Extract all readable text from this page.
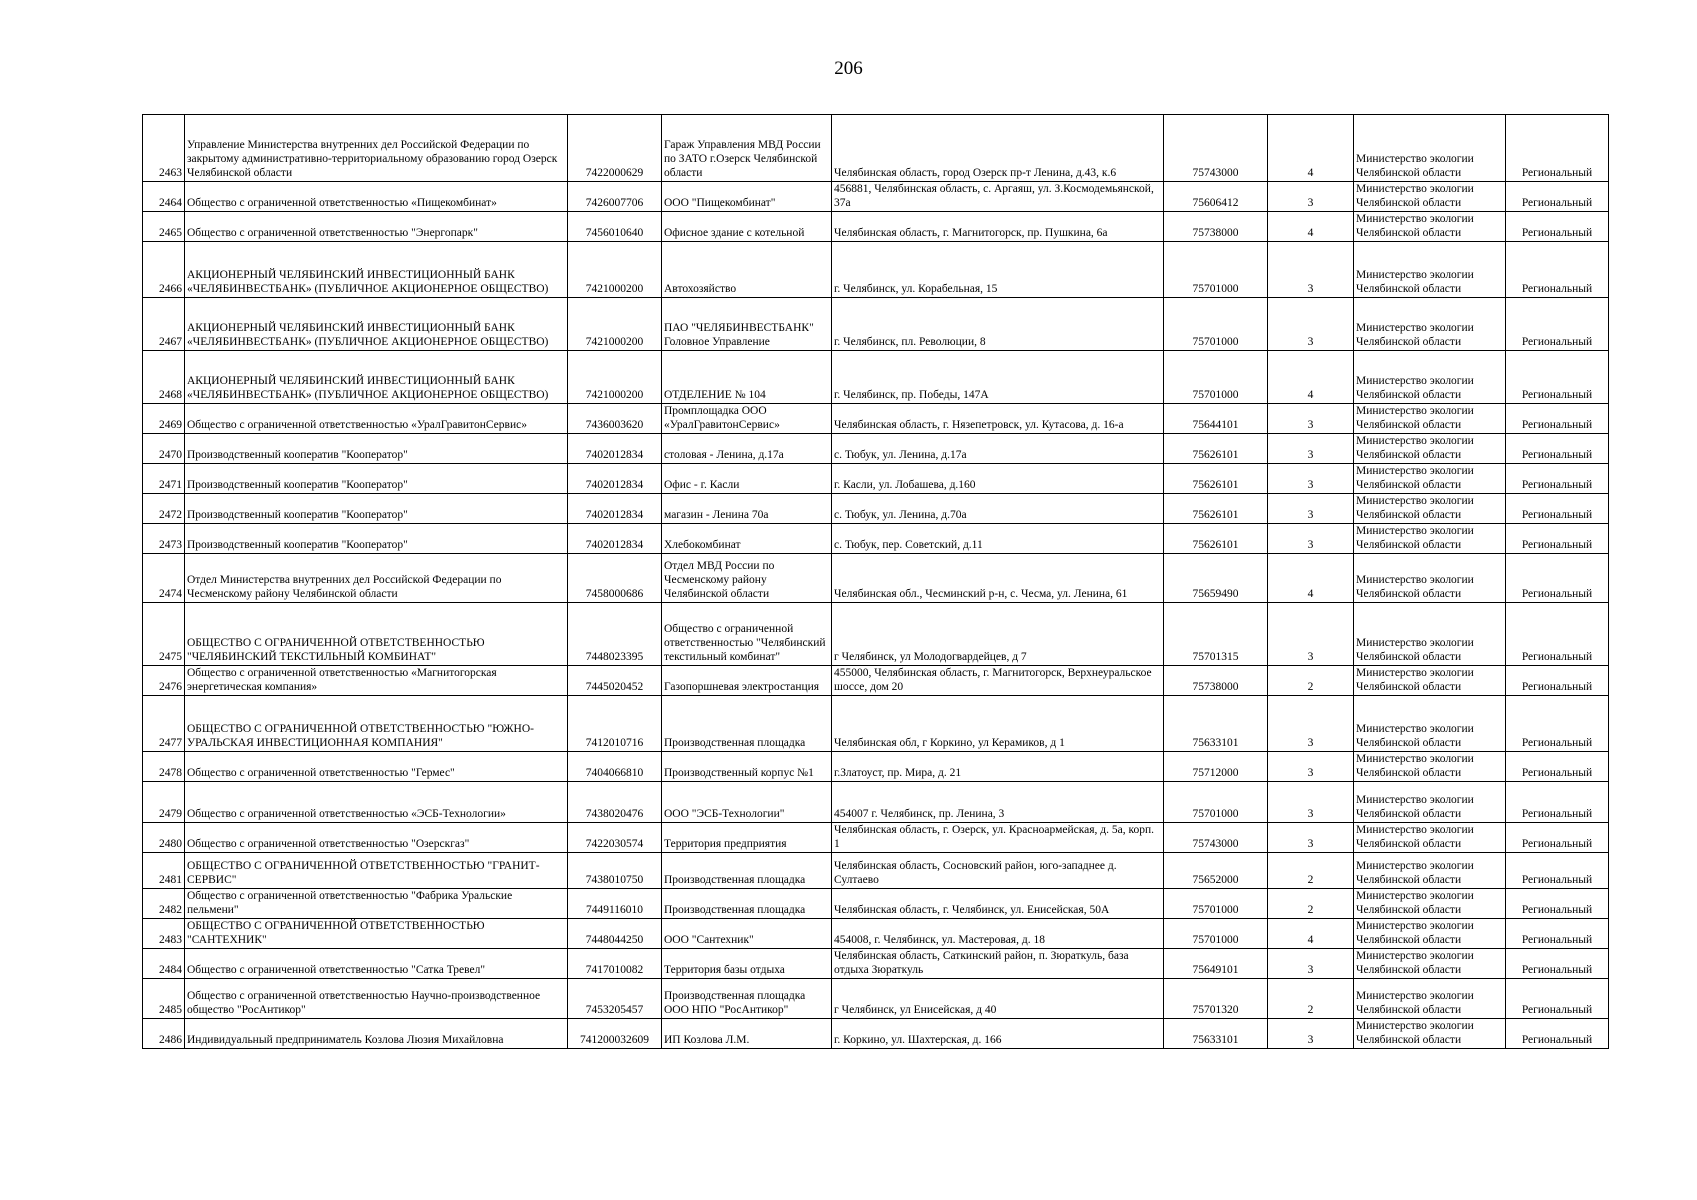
206
2463	Управление Министерства внутренних дел Российской Федерации по закрытому административно-территориальному образованию город Озерск Челябинской области	7422000629	Гараж Управления МВД России по ЗАТО г.Озерск Челябинской области	Челябинская область, город Озерск пр-т Ленина, д.43, к.6	75743000	4	Министерство экологии Челябинской области	Региональный
2464	Общество с ограниченной ответственностью «Пищекомбинат»	7426007706	ООО "Пищекомбинат"	456881, Челябинская область, с. Аргаяш, ул. З.Космодемьянской, 37а	75606412	3	Министерство экологии Челябинской области	Региональный
2465	Общество с ограниченной ответственностью "Энергопарк"	7456010640	Офисное здание с котельной	Челябинская область, г. Магнитогорск, пр. Пушкина, 6а	75738000	4	Министерство экологии Челябинской области	Региональный
2466	АКЦИОНЕРНЫЙ ЧЕЛЯБИНСКИЙ ИНВЕСТИЦИОННЫЙ БАНК «ЧЕЛЯБИНВЕСТБАНК» (ПУБЛИЧНОЕ АКЦИОНЕРНОЕ ОБЩЕСТВО)	7421000200	Автохозяйство	г. Челябинск, ул. Корабельная, 15	75701000	3	Министерство экологии Челябинской области	Региональный
2467	АКЦИОНЕРНЫЙ ЧЕЛЯБИНСКИЙ ИНВЕСТИЦИОННЫЙ БАНК «ЧЕЛЯБИНВЕСТБАНК» (ПУБЛИЧНОЕ АКЦИОНЕРНОЕ ОБЩЕСТВО)	7421000200	ПАО "ЧЕЛЯБИНВЕСТБАНК" Головное Управление	г. Челябинск, пл. Революции, 8	75701000	3	Министерство экологии Челябинской области	Региональный
2468	АКЦИОНЕРНЫЙ ЧЕЛЯБИНСКИЙ ИНВЕСТИЦИОННЫЙ БАНК «ЧЕЛЯБИНВЕСТБАНК» (ПУБЛИЧНОЕ АКЦИОНЕРНОЕ ОБЩЕСТВО)	7421000200	ОТДЕЛЕНИЕ № 104	г. Челябинск, пр. Победы, 147А	75701000	4	Министерство экологии Челябинской области	Региональный
2469	Общество с ограниченной ответственностью «УралГравитонСервис»	7436003620	Промплощадка ООО «УралГравитонСервис»	Челябинская область, г. Нязепетровск, ул. Кутасова, д. 16-а	75644101	3	Министерство экологии Челябинской области	Региональный
2470	Производственный кооператив "Кооператор"	7402012834	столовая - Ленина, д.17а	с. Тюбук, ул. Ленина, д.17а	75626101	3	Министерство экологии Челябинской области	Региональный
2471	Производственный кооператив "Кооператор"	7402012834	Офис - г. Касли	г. Касли, ул. Лобашева, д.160	75626101	3	Министерство экологии Челябинской области	Региональный
2472	Производственный кооператив "Кооператор"	7402012834	магазин - Ленина 70а	с. Тюбук, ул. Ленина, д.70а	75626101	3	Министерство экологии Челябинской области	Региональный
2473	Производственный кооператив "Кооператор"	7402012834	Хлебокомбинат	с. Тюбук, пер. Советский, д.11	75626101	3	Министерство экологии Челябинской области	Региональный
2474	Отдел Министерства внутренних дел Российской Федерации по Чесменскому району Челябинской области	7458000686	Отдел МВД России по Чесменскому району Челябинской области	Челябинская обл., Чесминский р-н, с. Чесма, ул. Ленина, 61	75659490	4	Министерство экологии Челябинской области	Региональный
2475	ОБЩЕСТВО С ОГРАНИЧЕННОЙ ОТВЕТСТВЕННОСТЬЮ "ЧЕЛЯБИНСКИЙ ТЕКСТИЛЬНЫЙ КОМБИНАТ"	7448023395	Общество с ограниченной ответственностью "Челябинский текстильный комбинат"	г Челябинск, ул Молодогвардейцев, д 7	75701315	3	Министерство экологии Челябинской области	Региональный
2476	Общество с ограниченной ответственностью «Магнитогорская энергетическая компания»	7445020452	Газопоршневая электростанция	455000, Челябинская область, г. Магнитогорск, Верхнеуральское шоссе, дом 20	75738000	2	Министерство экологии Челябинской области	Региональный
2477	ОБЩЕСТВО С ОГРАНИЧЕННОЙ ОТВЕТСТВЕННОСТЬЮ "ЮЖНО-УРАЛЬСКАЯ ИНВЕСТИЦИОННАЯ КОМПАНИЯ"	7412010716	Производственная площадка	Челябинская обл, г Коркино, ул Керамиков, д 1	75633101	3	Министерство экологии Челябинской области	Региональный
2478	Общество с ограниченной ответственностью "Гермес"	7404066810	Производственный корпус №1	г.Златоуст, пр. Мира, д. 21	75712000	3	Министерство экологии Челябинской области	Региональный
2479	Общество с ограниченной ответственностью «ЭСБ-Технологии»	7438020476	ООО "ЭСБ-Технологии"	454007 г. Челябинск, пр. Ленина, 3	75701000	3	Министерство экологии Челябинской области	Региональный
2480	Общество с ограниченной ответственностью "Озерскгаз"	7422030574	Территория предприятия	Челябинская область, г. Озерск, ул. Красноармейская, д. 5а, корп. 1	75743000	3	Министерство экологии Челябинской области	Региональный
2481	ОБЩЕСТВО С ОГРАНИЧЕННОЙ ОТВЕТСТВЕННОСТЬЮ "ГРАНИТ-СЕРВИС"	7438010750	Производственная площадка	Челябинская область, Сосновский район, юго-западнее д. Султаево	75652000	2	Министерство экологии Челябинской области	Региональный
2482	Общество с ограниченной ответственностью "Фабрика Уральские пельмени"	7449116010	Производственная площадка	Челябинская область, г. Челябинск, ул. Енисейская, 50А	75701000	2	Министерство экологии Челябинской области	Региональный
2483	ОБЩЕСТВО С ОГРАНИЧЕННОЙ ОТВЕТСТВЕННОСТЬЮ "САНТЕХНИК"	7448044250	ООО "Сантехник"	454008, г. Челябинск, ул. Мастеровая, д. 18	75701000	4	Министерство экологии Челябинской области	Региональный
2484	Общество с ограниченной ответственностью "Сатка Тревел"	7417010082	Территория базы отдыха	Челябинская область, Саткинский район, п. Зюраткуль, база отдыха Зюраткуль	75649101	3	Министерство экологии Челябинской области	Региональный
2485	Общество с ограниченной ответственностью Научно-производственное общество "РосАнтикор"	7453205457	Производственная площадка ООО НПО "РосАнтикор"	г Челябинск, ул Енисейская, д 40	75701320	2	Министерство экологии Челябинской области	Региональный
2486	Индивидуальный предприниматель Козлова Люзия Михайловна	741200032609	ИП Козлова Л.М.	г. Коркино, ул. Шахтерская, д. 166	75633101	3	Министерство экологии Челябинской области	Региональный
